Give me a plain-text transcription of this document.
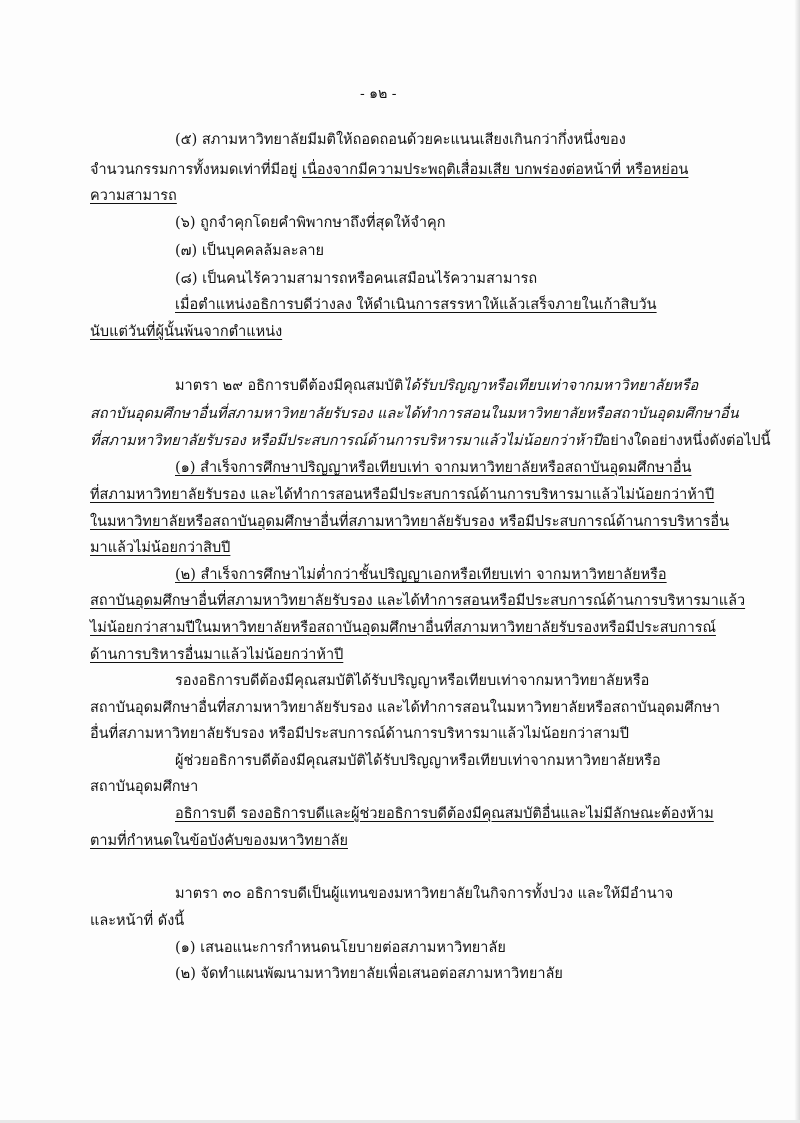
- ๑๒ -
(๕) สภามหาวิทยาลัยมีมติให้ถอดถอนด้วยคะแนนเสียงเกินกว่ากึ่งหนึ่งของ
จำนวนกรรมการทั้งหมดเท่าที่มีอยู่ เนื่องจากมีความประพฤติเสื่อมเสีย บกพร่องต่อหน้าที่ หรือหย่อน
ความสามารถ
(๖) ถูกจำคุกโดยคำพิพากษาถึงที่สุดให้จำคุก
(๗) เป็นบุคคลล้มละลาย
(๘) เป็นคนไร้ความสามารถหรือคนเสมือนไร้ความสามารถ
เมื่อตำแหน่งอธิการบดีว่างลง ให้ดำเนินการสรรหาให้แล้วเสร็จภายในเก้าสิบวัน
นับแต่วันที่ผู้นั้นพ้นจากตำแหน่ง
มาตรา ๒๙ อธิการบดีต้องมีคุณสมบัติได้รับปริญญาหรือเทียบเท่าจากมหาวิทยาลัยหรือ
สถาบันอุดมศึกษาอื่นที่สภามหาวิทยาลัยรับรอง และได้ทำการสอนในมหาวิทยาลัยหรือสถาบันอุดมศึกษาอื่น
ที่สภามหาวิทยาลัยรับรอง หรือมีประสบการณ์ด้านการบริหารมาแล้วไม่น้อยกว่าห้าปีอย่างใดอย่างหนึ่งดังต่อไปนี้
(๑) สำเร็จการศึกษาปริญญาหรือเทียบเท่า จากมหาวิทยาลัยหรือสถาบันอุดมศึกษาอื่น
ที่สภามหาวิทยาลัยรับรอง และได้ทำการสอนหรือมีประสบการณ์ด้านการบริหารมาแล้วไม่น้อยกว่าห้าปี
ในมหาวิทยาลัยหรือสถาบันอุดมศึกษาอื่นที่สภามหาวิทยาลัยรับรอง หรือมีประสบการณ์ด้านการบริหารอื่น
มาแล้วไม่น้อยกว่าสิบปี
(๒) สำเร็จการศึกษาไม่ต่ำกว่าชั้นปริญญาเอกหรือเทียบเท่า จากมหาวิทยาลัยหรือ
สถาบันอุดมศึกษาอื่นที่สภามหาวิทยาลัยรับรอง และได้ทำการสอนหรือมีประสบการณ์ด้านการบริหารมาแล้ว
ไม่น้อยกว่าสามปีในมหาวิทยาลัยหรือสถาบันอุดมศึกษาอื่นที่สภามหาวิทยาลัยรับรองหรือมีประสบการณ์
ด้านการบริหารอื่นมาแล้วไม่น้อยกว่าห้าปี
รองอธิการบดีต้องมีคุณสมบัติได้รับปริญญาหรือเทียบเท่าจากมหาวิทยาลัยหรือ
สถาบันอุดมศึกษาอื่นที่สภามหาวิทยาลัยรับรอง และได้ทำการสอนในมหาวิทยาลัยหรือสถาบันอุดมศึกษา
อื่นที่สภามหาวิทยาลัยรับรอง หรือมีประสบการณ์ด้านการบริหารมาแล้วไม่น้อยกว่าสามปี
ผู้ช่วยอธิการบดีต้องมีคุณสมบัติได้รับปริญญาหรือเทียบเท่าจากมหาวิทยาลัยหรือ
สถาบันอุดมศึกษา
อธิการบดี รองอธิการบดีและผู้ช่วยอธิการบดีต้องมีคุณสมบัติอื่นและไม่มีลักษณะต้องห้าม
ตามที่กำหนดในข้อบังคับของมหาวิทยาลัย
มาตรา ๓๐ อธิการบดีเป็นผู้แทนของมหาวิทยาลัยในกิจการทั้งปวง และให้มีอำนาจ
และหน้าที่ ดังนี้
(๑) เสนอแนะการกำหนดนโยบายต่อสภามหาวิทยาลัย
(๒) จัดทำแผนพัฒนามหาวิทยาลัยเพื่อเสนอต่อสภามหาวิทยาลัย
